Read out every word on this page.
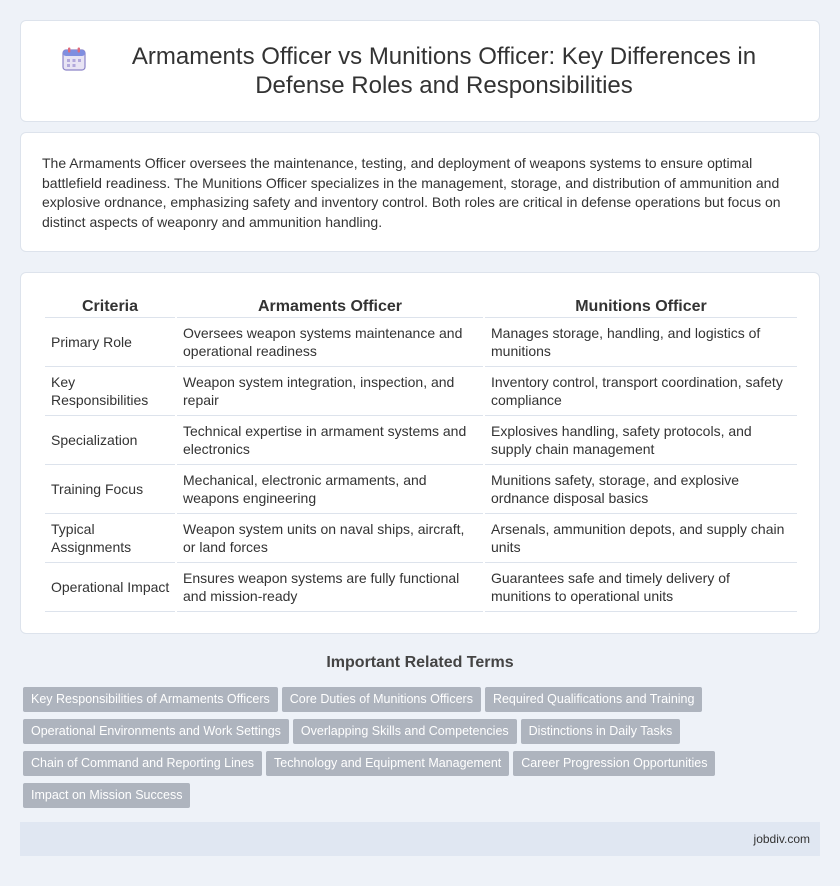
Armaments Officer vs Munitions Officer: Key Differences in Defense Roles and Responsibilities

The Armaments Officer oversees the maintenance, testing, and deployment of weapons systems to ensure optimal battlefield readiness. The Munitions Officer specializes in the management, storage, and distribution of ammunition and explosive ordnance, emphasizing safety and inventory control. Both roles are critical in defense operations but focus on distinct aspects of weaponry and ammunition handling.

Criteria	Armaments Officer	Munitions Officer
Primary Role	Oversees weapon systems maintenance and operational readiness	Manages storage, handling, and logistics of munitions
Key Responsibilities	Weapon system integration, inspection, and repair	Inventory control, transport coordination, safety compliance
Specialization	Technical expertise in armament systems and electronics	Explosives handling, safety protocols, and supply chain management
Training Focus	Mechanical, electronic armaments, and weapons engineering	Munitions safety, storage, and explosive ordnance disposal basics
Typical Assignments	Weapon system units on naval ships, aircraft, or land forces	Arsenals, ammunition depots, and supply chain units
Operational Impact	Ensures weapon systems are fully functional and mission-ready	Guarantees safe and timely delivery of munitions to operational units
Important Related Terms
Key Responsibilities of Armaments Officers Core Duties of Munitions Officers Required Qualifications and Training
Operational Environments and Work Settings Overlapping Skills and Competencies Distinctions in Daily Tasks
Chain of Command and Reporting Lines Technology and Equipment Management Career Progression Opportunities
Impact on Mission Success
jobdiv.com
